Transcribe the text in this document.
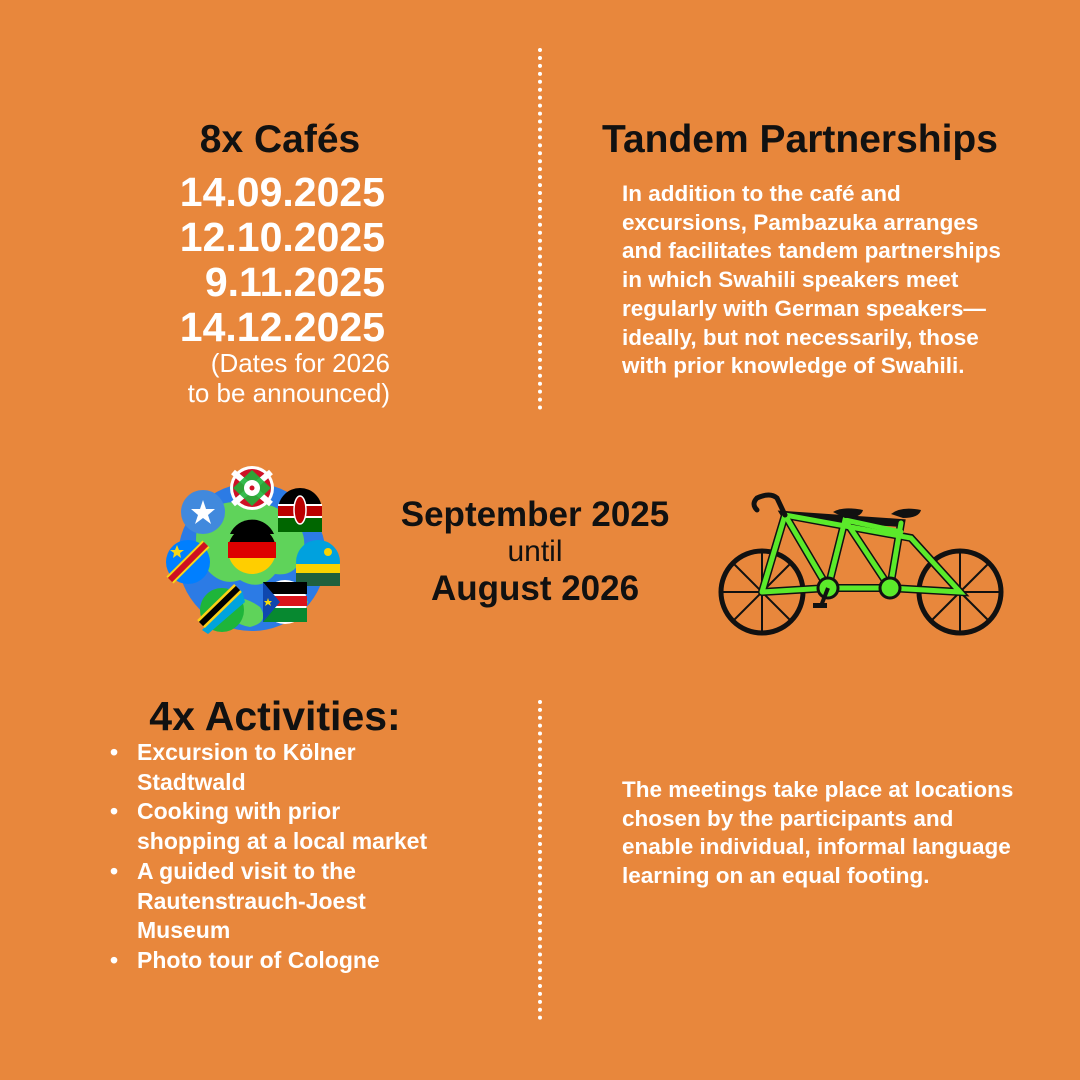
8x Cafés
14.09.2025
12.10.2025
9.11.2025
14.12.2025
(Dates for 2026
to be announced)
Tandem Partnerships
In addition to the café and excursions, Pambazuka arranges and facilitates tandem partnerships in which Swahili speakers meet regularly with German speakers—ideally, but not necessarily, those with prior knowledge of Swahili.
September 2025
until
August 2026
4x Activities:
• Excursion to Kölner Stadtwald
• Cooking with prior shopping at a local market
• A guided visit to the Rautenstrauch-Joest Museum
• Photo tour of Cologne
The meetings take place at locations chosen by the participants and enable individual, informal language learning on an equal footing.
